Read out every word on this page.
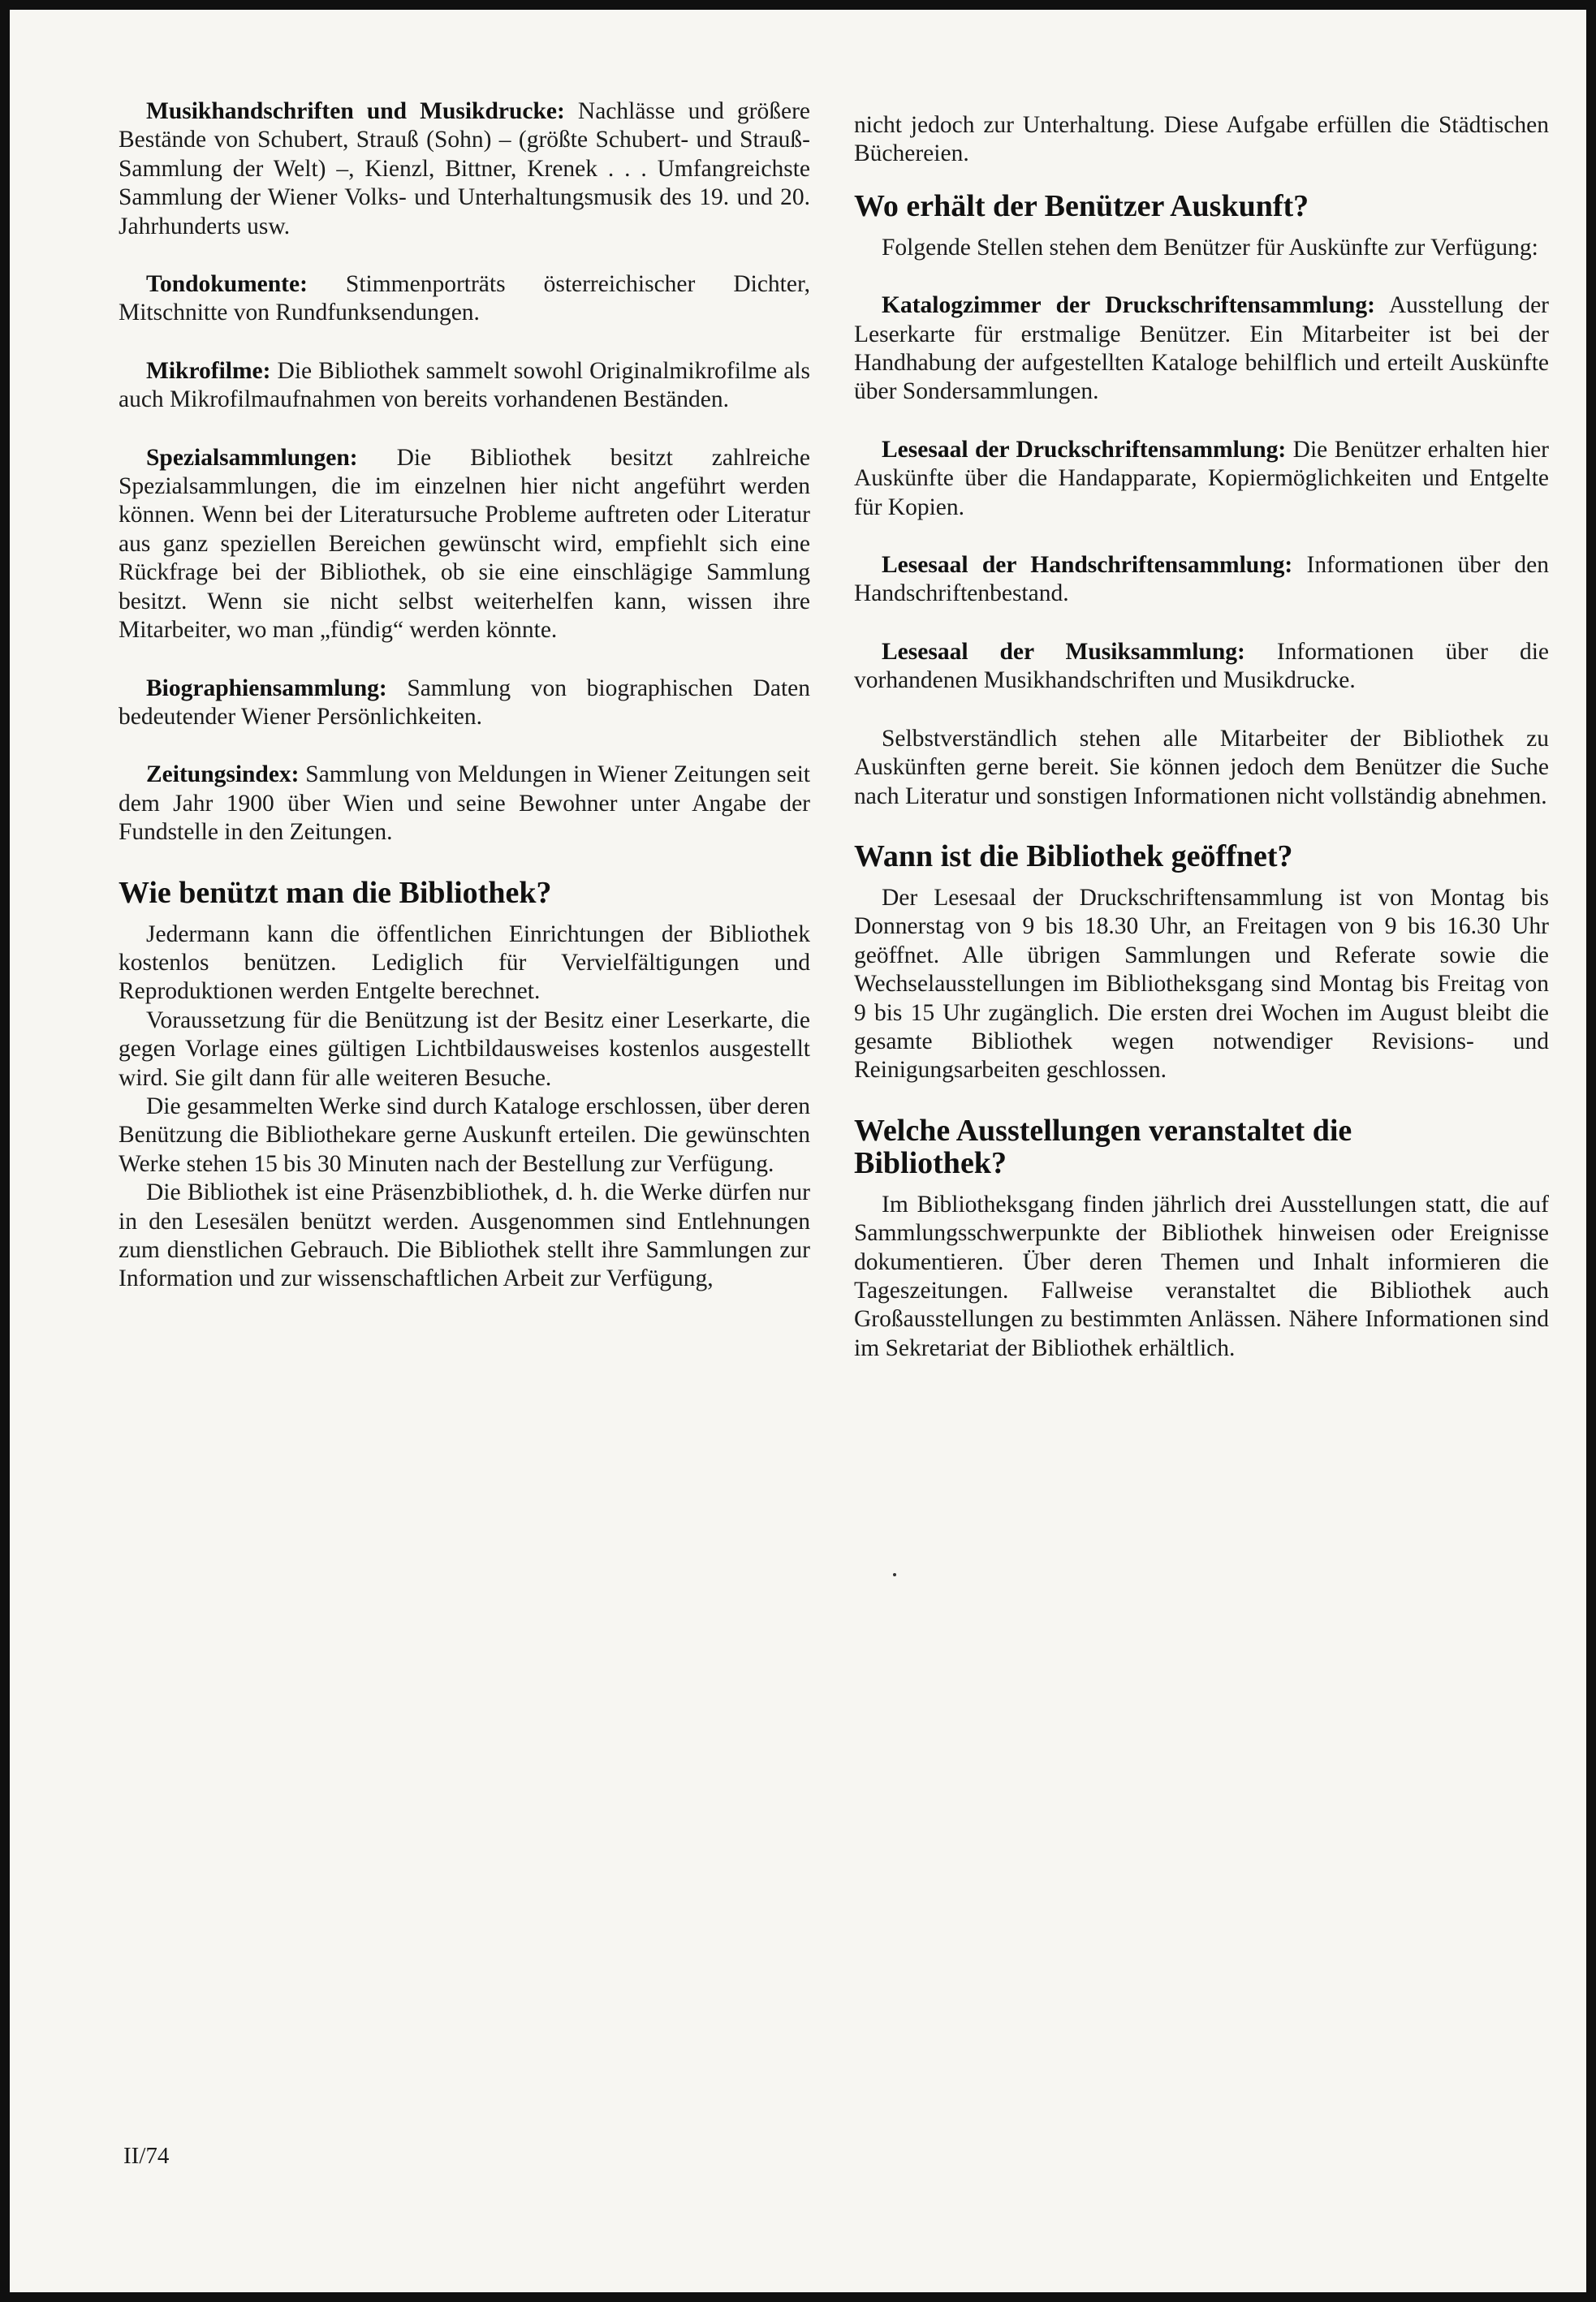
Musikhandschriften und Musikdrucke: Nachlässe und größere Bestände von Schubert, Strauß (Sohn) – (größte Schubert- und Strauß-Sammlung der Welt) –, Kienzl, Bittner, Krenek . . . Umfangreichste Sammlung der Wiener Volks- und Unterhaltungsmusik des 19. und 20. Jahrhunderts usw.

Tondokumente: Stimmenporträts österreichischer Dichter, Mitschnitte von Rundfunksendungen.

Mikrofilme: Die Bibliothek sammelt sowohl Originalmikrofilme als auch Mikrofilmaufnahmen von bereits vorhandenen Beständen.

Spezialsammlungen: Die Bibliothek besitzt zahlreiche Spezialsammlungen, die im einzelnen hier nicht angeführt werden können. Wenn bei der Literatursuche Probleme auftreten oder Literatur aus ganz speziellen Bereichen gewünscht wird, empfiehlt sich eine Rückfrage bei der Bibliothek, ob sie eine einschlägige Sammlung besitzt. Wenn sie nicht selbst weiterhelfen kann, wissen ihre Mitarbeiter, wo man „fündig“ werden könnte.

Biographiensammlung: Sammlung von biographischen Daten bedeutender Wiener Persönlichkeiten.

Zeitungsindex: Sammlung von Meldungen in Wiener Zeitungen seit dem Jahr 1900 über Wien und seine Bewohner unter Angabe der Fundstelle in den Zeitungen.

Wie benützt man die Bibliothek?

Jedermann kann die öffentlichen Einrichtungen der Bibliothek kostenlos benützen. Lediglich für Vervielfältigungen und Reproduktionen werden Entgelte berechnet.

Voraussetzung für die Benützung ist der Besitz einer Leserkarte, die gegen Vorlage eines gültigen Lichtbildausweises kostenlos ausgestellt wird. Sie gilt dann für alle weiteren Besuche.

Die gesammelten Werke sind durch Kataloge erschlossen, über deren Benützung die Bibliothekare gerne Auskunft erteilen. Die gewünschten Werke stehen 15 bis 30 Minuten nach der Bestellung zur Verfügung.

Die Bibliothek ist eine Präsenzbibliothek, d. h. die Werke dürfen nur in den Lesesälen benützt werden. Ausgenommen sind Entlehnungen zum dienstlichen Gebrauch. Die Bibliothek stellt ihre Sammlungen zur Information und zur wissenschaftlichen Arbeit zur Verfügung,

nicht jedoch zur Unterhaltung. Diese Aufgabe erfüllen die Städtischen Büchereien.

Wo erhält der Benützer Auskunft?

Folgende Stellen stehen dem Benützer für Auskünfte zur Verfügung:

Katalogzimmer der Druckschriftensammlung: Ausstellung der Leserkarte für erstmalige Benützer. Ein Mitarbeiter ist bei der Handhabung der aufgestellten Kataloge behilflich und erteilt Auskünfte über Sondersammlungen.

Lesesaal der Druckschriftensammlung: Die Benützer erhalten hier Auskünfte über die Handapparate, Kopiermöglichkeiten und Entgelte für Kopien.

Lesesaal der Handschriftensammlung: Informationen über den Handschriftenbestand.

Lesesaal der Musiksammlung: Informationen über die vorhandenen Musikhandschriften und Musikdrucke.

Selbstverständlich stehen alle Mitarbeiter der Bibliothek zu Auskünften gerne bereit. Sie können jedoch dem Benützer die Suche nach Literatur und sonstigen Informationen nicht vollständig abnehmen.

Wann ist die Bibliothek geöffnet?

Der Lesesaal der Druckschriftensammlung ist von Montag bis Donnerstag von 9 bis 18.30 Uhr, an Freitagen von 9 bis 16.30 Uhr geöffnet. Alle übrigen Sammlungen und Referate sowie die Wechselausstellungen im Bibliotheksgang sind Montag bis Freitag von 9 bis 15 Uhr zugänglich. Die ersten drei Wochen im August bleibt die gesamte Bibliothek wegen notwendiger Revisions- und Reinigungsarbeiten geschlossen.

Welche Ausstellungen veranstaltet die Bibliothek?

Im Bibliotheksgang finden jährlich drei Ausstellungen statt, die auf Sammlungsschwerpunkte der Bibliothek hinweisen oder Ereignisse dokumentieren. Über deren Themen und Inhalt informieren die Tageszeitungen. Fallweise veranstaltet die Bibliothek auch Großausstellungen zu bestimmten Anlässen. Nähere Informationen sind im Sekretariat der Bibliothek erhältlich.

II/74
